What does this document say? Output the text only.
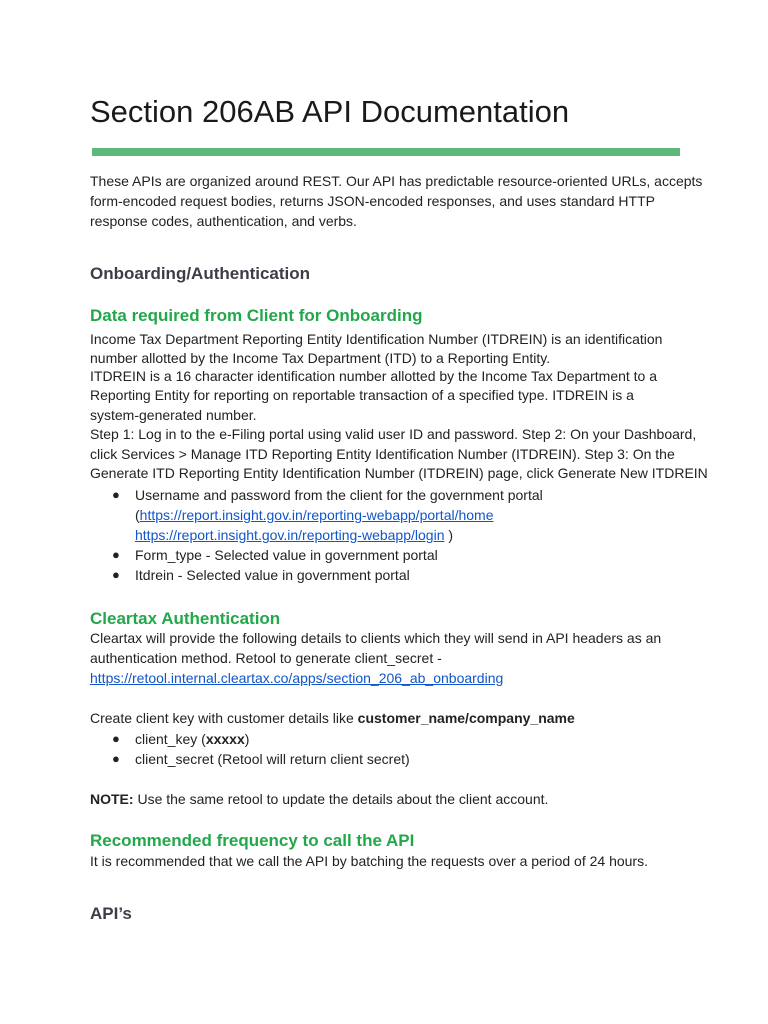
Section 206AB API Documentation

These APIs are organized around REST. Our API has predictable resource-oriented URLs, accepts
form-encoded request bodies, returns JSON-encoded responses, and uses standard HTTP
response codes, authentication, and verbs.

Onboarding/Authentication
Data required from Client for Onboarding

Income Tax Department Reporting Entity Identification Number (ITDREIN) is an identification
number allotted by the Income Tax Department (ITD) to a Reporting Entity.
ITDREIN is a 16 character identification number allotted by the Income Tax Department to a
Reporting Entity for reporting on reportable transaction of a specified type. ITDREIN is a
system-generated number.
Step 1: Log in to the e-Filing portal using valid user ID and password. Step 2: On your Dashboard,
click Services > Manage ITD Reporting Entity Identification Number (ITDREIN). Step 3: On the
Generate ITD Reporting Entity Identification Number (ITDREIN) page, click Generate New ITDREIN

● Username and password from the client for the government portal
(https://report.insight.gov.in/reporting-webapp/portal/home
https://report.insight.gov.in/reporting-webapp/login )
● Form_type - Selected value in government portal
● Itdrein - Selected value in government portal
Cleartax Authentication

Cleartax will provide the following details to clients which they will send in API headers as an
authentication method. Retool to generate client_secret -
https://retool.internal.cleartax.co/apps/section_206_ab_onboarding

Create client key with customer details like customer_name/company_name

● client_key (xxxxx)
● client_secret (Retool will return client secret)

NOTE: Use the same retool to update the details about the client account.

Recommended frequency to call the API

It is recommended that we call the API by batching the requests over a period of 24 hours.

API’s
